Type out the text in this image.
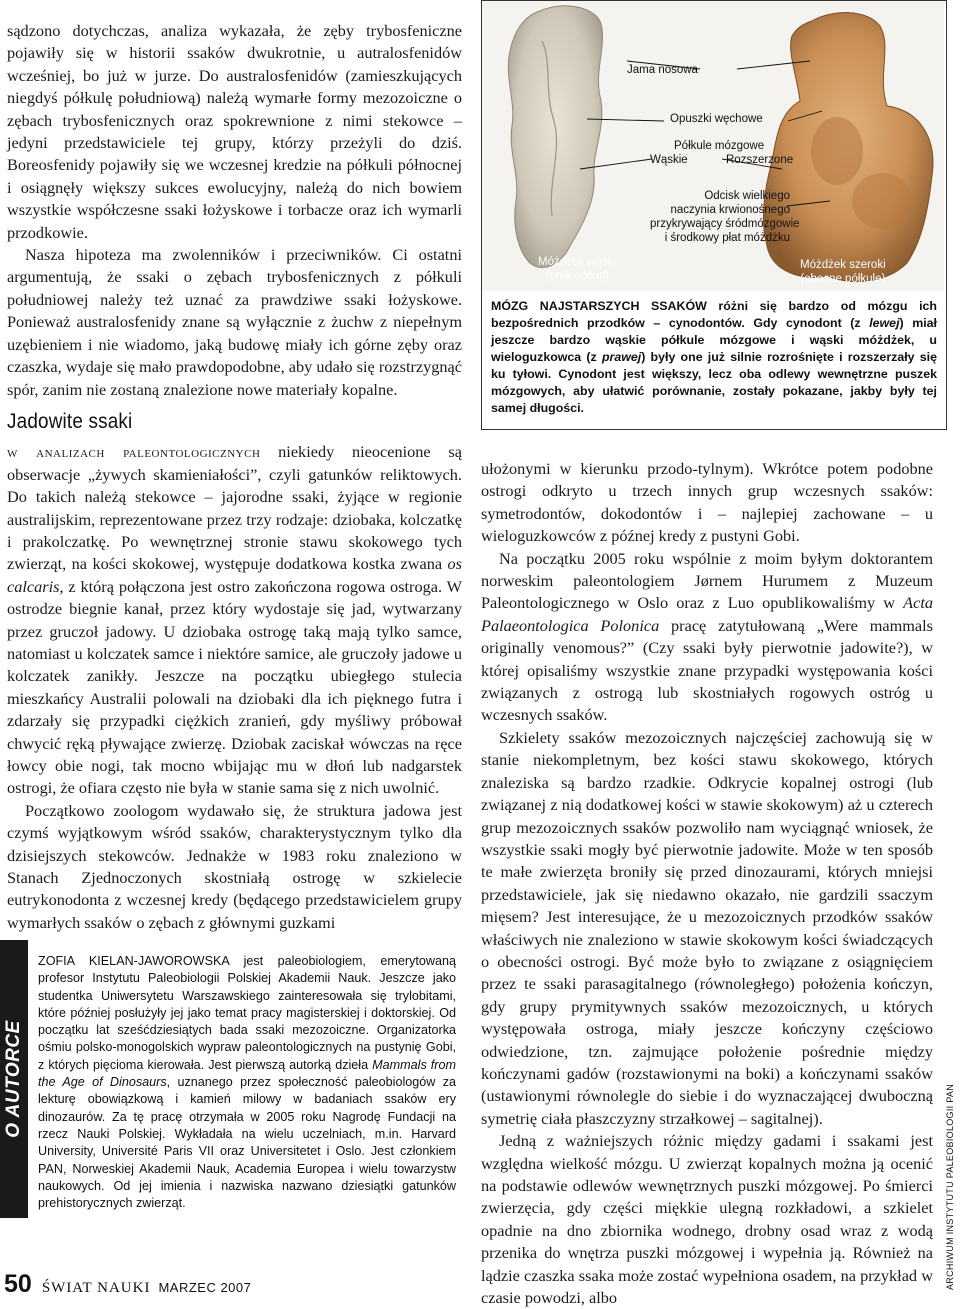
sądzono dotychczas, analiza wykazała, że zęby trybosfeniczne pojawiły się w historii ssaków dwukrotnie, u autralosfenidów wcześniej, bo już w jurze. Do australosfenidów (zamieszkujących niegdyś półkulę południową) należą wymarłe formy mezozoiczne o zębach trybosfenicznych oraz spokrewnione z nimi stekowce – jedyni przedstawiciele tej grupy, którzy przeżyli do dziś. Boreosfenidy pojawiły się we wczesnej kredzie na półkuli północnej i osiągnęły większy sukces ewolucyjny, należą do nich bowiem wszystkie współczesne ssaki łożyskowe i torbacze oraz ich wymarli przodkowie.

Nasza hipoteza ma zwolenników i przeciwników. Ci ostatni argumentują, że ssaki o zębach trybosfenicznych z półkuli południowej należy też uznać za prawdziwe ssaki łożyskowe. Ponieważ australosfenidy znane są wyłącznie z żuchw z niepełnym uzębieniem i nie wiadomo, jaką budowę miały ich górne zęby oraz czaszka, wydaje się mało prawdopodobne, aby udało się rozstrzygnąć spór, zanim nie zostaną znalezione nowe materiały kopalne.

Jadowite ssaki

w analizach paleontologicznych niekiedy nieocenione są obserwacje „żywych skamieniałości”, czyli gatunków reliktowych. Do takich należą stekowce – jajorodne ssaki, żyjące w regionie australijskim, reprezentowane przez trzy rodzaje: dziobaka, kolczatkę i prakolczatkę. Po wewnętrznej stronie stawu skokowego tych zwierząt, na kości skokowej, występuje dodatkowa kostka zwana os calcaris, z którą połączona jest ostro zakończona rogowa ostroga. W ostrodze biegnie kanał, przez który wydostaje się jad, wytwarzany przez gruczoł jadowy. U dziobaka ostrogę taką mają tylko samce, natomiast u kolczatek samce i niektóre samice, ale gruczoły jadowe u kolczatek zanikły. Jeszcze na początku ubiegłego stulecia mieszkańcy Australii polowali na dziobaki dla ich pięknego futra i zdarzały się przypadki ciężkich zranień, gdy myśliwy próbował chwycić ręką pływające zwierzę. Dziobak zaciskał wówczas na ręce łowcy obie nogi, tak mocno wbijając mu w dłoń lub nadgarstek ostrogi, że ofiara często nie była w stanie sama się z nich uwolnić.

Początkowo zoologom wydawało się, że struktura jadowa jest czymś wyjątkowym wśród ssaków, charakterystycznym tylko dla dzisiejszych stekowców. Jednakże w 1983 roku znaleziono w Stanach Zjednoczonych skostniałą ostrogę w szkielecie eutrykonodonta z wczesnej kredy (będącego przedstawicielem grupy wymarłych ssaków o zębach z głównymi guzkami

Jama nosowa
Opuszki węchowe
Półkule mózgowe
Wąskie	Rozszerzone
Odcisk wielkiego
naczynia krwionośnego
przykrywający śródmózgowie
i środkowy płat móżdżku
Móżdżek wąski
(brak półkul)
Móżdżek szeroki
(obecne półkule)
MÓZG NAJSTARSZYCH SSAKÓW różni się bardzo od mózgu ich bezpośrednich przodków – cynodontów. Gdy cynodont (z lewej) miał jeszcze bardzo wąskie półkule mózgowe i wąski móżdżek, u wieloguzkowca (z prawej) były one już silnie rozrośnięte i rozszerzały się ku tyłowi. Cynodont jest większy, lecz oba odlewy wewnętrzne puszek mózgowych, aby ułatwić porównanie, zostały pokazane, jakby były tej samej długości.

ułożonymi w kierunku przodo-tylnym). Wkrótce potem podobne ostrogi odkryto u trzech innych grup wczesnych ssaków: symetrodontów, dokodontów i – najlepiej zachowane – u wieloguzkowców z późnej kredy z pustyni Gobi.

Na początku 2005 roku wspólnie z moim byłym doktorantem norweskim paleontologiem Jørnem Hurumem z Muzeum Paleontologicznego w Oslo oraz z Luo opublikowaliśmy w Acta Palaeontologica Polonica pracę zatytułowaną „Were mammals originally venomous?” (Czy ssaki były pierwotnie jadowite?), w której opisaliśmy wszystkie znane przypadki występowania kości związanych z ostrogą lub skostniałych rogowych ostróg u wczesnych ssaków.

Szkielety ssaków mezozoicznych najczęściej zachowują się w stanie niekompletnym, bez kości stawu skokowego, których znaleziska są bardzo rzadkie. Odkrycie kopalnej ostrogi (lub związanej z nią dodatkowej kości w stawie skokowym) aż u czterech grup mezozoicznych ssaków pozwoliło nam wyciągnąć wniosek, że wszystkie ssaki mogły być pierwotnie jadowite. Może w ten sposób te małe zwierzęta broniły się przed dinozaurami, których mniejsi przedstawiciele, jak się niedawno okazało, nie gardzili ssaczym mięsem? Jest interesujące, że u mezozoicznych przodków ssaków właściwych nie znaleziono w stawie skokowym kości świadczących o obecności ostrogi. Być może było to związane z osiągnięciem przez te ssaki parasagitalnego (równoległego) położenia kończyn, gdy grupy prymitywnych ssaków mezozoicznych, u których występowała ostroga, miały jeszcze kończyny częściowo odwiedzione, tzn. zajmujące położenie pośrednie między kończynami gadów (rozstawionymi na boki) a kończynami ssaków (ustawionymi równolegle do siebie i do wyznaczającej dwuboczną symetrię ciała płaszczyzny strzałkowej – sagitalnej).

Jedną z ważniejszych różnic między gadami i ssakami jest względna wielkość mózgu. U zwierząt kopalnych można ją ocenić na podstawie odlewów wewnętrznych puszki mózgowej. Po śmierci zwierzęcia, gdy części miękkie ulegną rozkładowi, a szkielet opadnie na dno zbiornika wodnego, drobny osad wraz z wodą przenika do wnętrza puszki mózgowej i wypełnia ją. Również na lądzie czaszka ssaka może zostać wypełniona osadem, na przykład w czasie powodzi, albo

O AUTORCE
ZOFIA KIELAN-JAWOROWSKA jest paleobiologiem, emerytowaną profesor Instytutu Paleobiologii Polskiej Akademii Nauk. Jeszcze jako studentka Uniwersytetu Warszawskiego zainteresowała się trylobitami, które później posłużyły jej jako temat pracy magisterskiej i doktorskiej. Od początku lat sześćdziesiątych bada ssaki mezozoiczne. Organizatorka ośmiu polsko-monogolskich wypraw paleontologicznych na pustynię Gobi, z których pięcioma kierowała. Jest pierwszą autorką dzieła Mammals from the Age of Dinosaurs, uznanego przez społeczność paleobiologów za lekturę obowiązkową i kamień milowy w badaniach ssaków ery dinozaurów. Za tę pracę otrzymała w 2005 roku Nagrodę Fundacji na rzecz Nauki Polskiej. Wykładała na wielu uczelniach, m.in. Harvard University, Université Paris VII oraz Universitetet i Oslo. Jest członkiem PAN, Norweskiej Akademii Nauk, Academia Europea i wielu towarzystw naukowych. Od jej imienia i nazwiska nazwano dziesiątki gatunków prehistorycznych zwierząt.
50 ŚWIAT NAUKI MARZEC 2007	ARCHIWUM INSTYTUTU PALEOBIOLOGII PAN
